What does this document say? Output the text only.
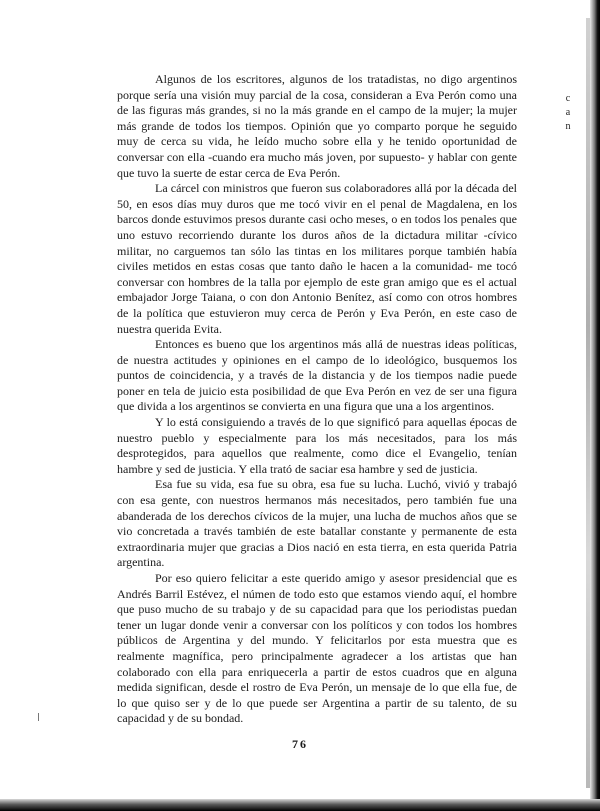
c
a
n

Algunos de los escritores, algunos de los tratadistas, no digo argentinos porque sería una visión muy parcial de la cosa, consideran a Eva Perón como una de las figuras más grandes, si no la más grande en el campo de la mujer; la mujer más grande de todos los tiempos. Opinión que yo comparto porque he seguido muy de cerca su vida, he leído mucho sobre ella y he tenido oportunidad de conversar con ella -cuando era mucho más joven, por supuesto- y hablar con gente que tuvo la suerte de estar cerca de Eva Perón.

La cárcel con ministros que fueron sus colaboradores allá por la década del 50, en esos días muy duros que me tocó vivir en el penal de Magdalena, en los barcos donde estuvimos presos durante casi ocho meses, o en todos los penales que uno estuvo recorriendo durante los duros años de la dictadura militar -cívico militar, no carguemos tan sólo las tintas en los militares porque también había civiles metidos en estas cosas que tanto daño le hacen a la comunidad- me tocó conversar con hombres de la talla por ejemplo de este gran amigo que es el actual embajador Jorge Taiana, o con don Antonio Benítez, así como con otros hombres de la política que estuvieron muy cerca de Perón y Eva Perón, en este caso de nuestra querida Evita.

Entonces es bueno que los argentinos más allá de nuestras ideas políticas, de nuestra actitudes y opiniones en el campo de lo ideológico, busquemos los puntos de coincidencia, y a través de la distancia y de los tiempos nadie puede poner en tela de juicio esta posibilidad de que Eva Perón en vez de ser una figura que divida a los argentinos se convierta en una figura que una a los argentinos.

Y lo está consiguiendo a través de lo que significó para aquellas épocas de nuestro pueblo y especialmente para los más necesitados, para los más desprotegidos, para aquellos que realmente, como dice el Evangelio, tenían hambre y sed de justicia. Y ella trató de saciar esa hambre y sed de justicia.

Esa fue su vida, esa fue su obra, esa fue su lucha. Luchó, vivió y trabajó con esa gente, con nuestros hermanos más necesitados, pero también fue una abanderada de los derechos cívicos de la mujer, una lucha de muchos años que se vio concretada a través también de este batallar constante y permanente de esta extraordinaria mujer que gracias a Dios nació en esta tierra, en esta querida Patria argentina.

Por eso quiero felicitar a este querido amigo y asesor presidencial que es Andrés Barril Estévez, el númen de todo esto que estamos viendo aquí, el hombre que puso mucho de su trabajo y de su capacidad para que los periodistas puedan tener un lugar donde venir a conversar con los políticos y con todos los hombres públicos de Argentina y del mundo. Y felicitarlos por esta muestra que es realmente magnífica, pero principalmente agradecer a los artistas que han colaborado con ella para enriquecerla a partir de estos cuadros que en alguna medida significan, desde el rostro de Eva Perón, un mensaje de lo que ella fue, de lo que quiso ser y de lo que puede ser Argentina a partir de su talento, de su capacidad y de su bondad.

76
